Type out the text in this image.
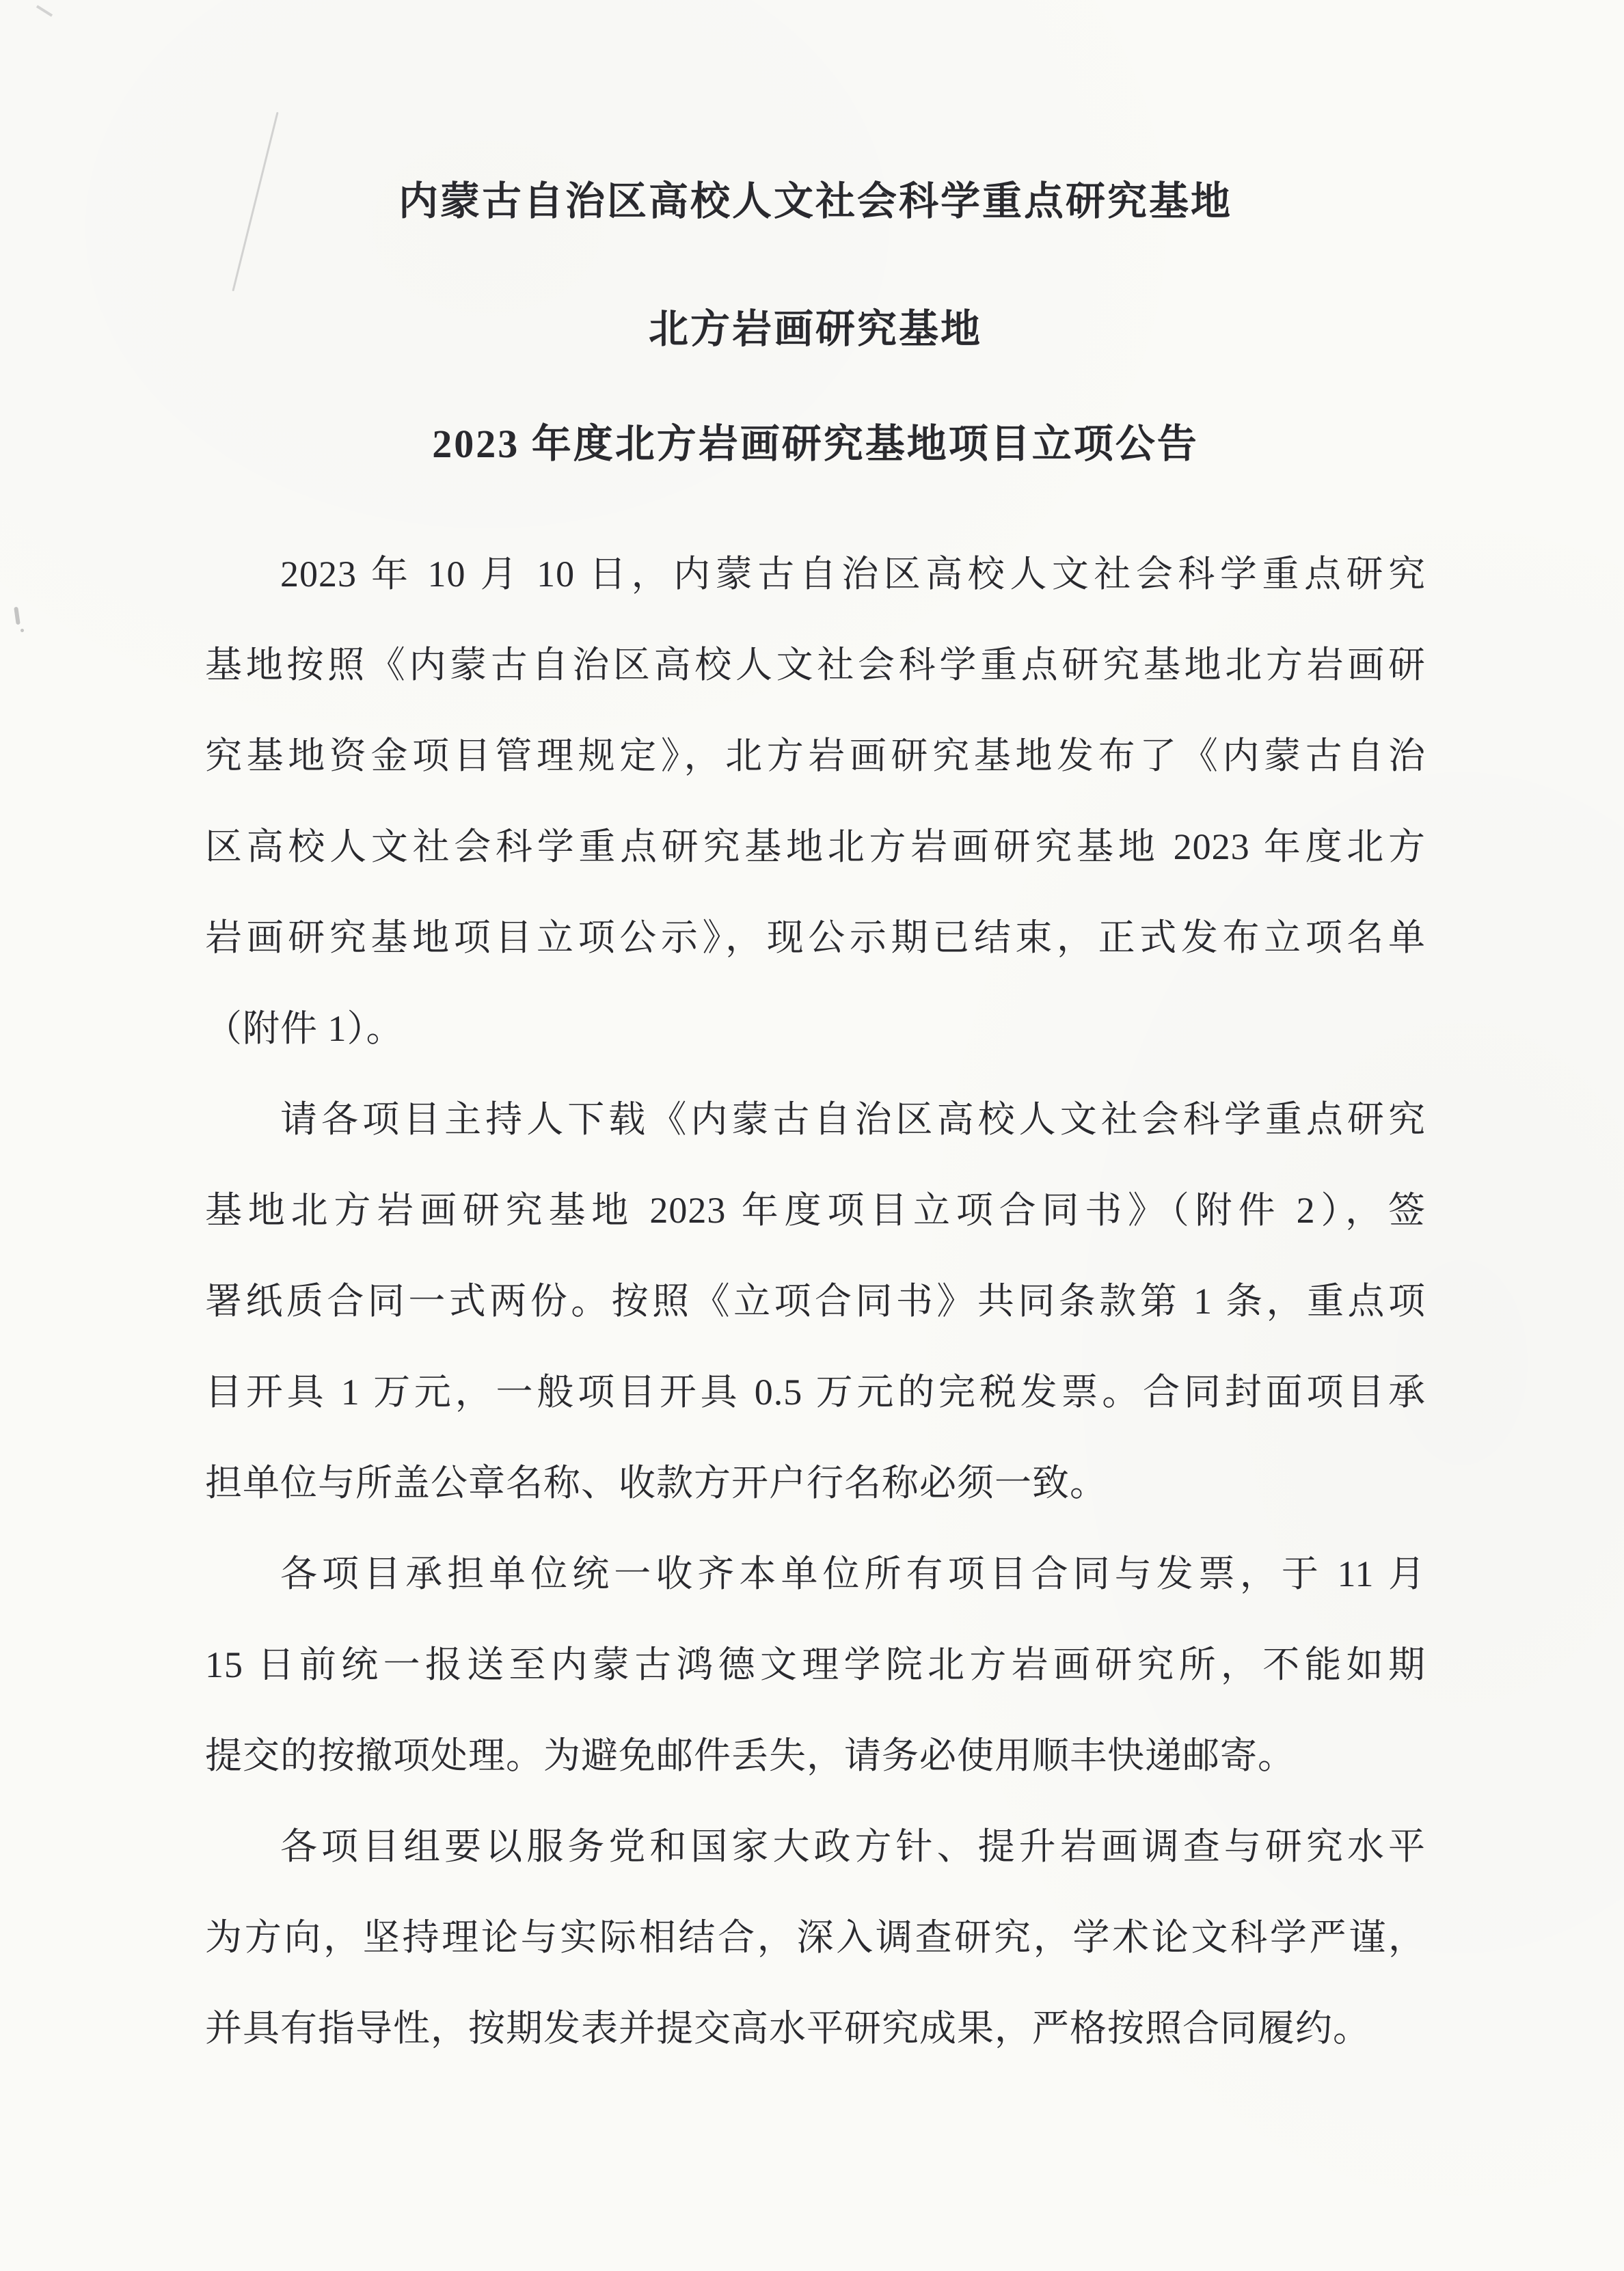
内蒙古自治区高校人文社会科学重点研究基地
北方岩画研究基地
2023 年度北方岩画研究基地项目立项公告
2023 年 10 月 10 日，内蒙古自治区高校人文社会科学重点研究
基地按照《内蒙古自治区高校人文社会科学重点研究基地北方岩画研
究基地资金项目管理规定》，北方岩画研究基地发布了《内蒙古自治
区高校人文社会科学重点研究基地北方岩画研究基地 2023 年度北方
岩画研究基地项目立项公示》，现公示期已结束，正式发布立项名单
（附件 1）。
请各项目主持人下载《内蒙古自治区高校人文社会科学重点研究
基地北方岩画研究基地 2023 年度项目立项合同书》（附件 2），签
署纸质合同一式两份。按照《立项合同书》共同条款第 1 条，重点项
目开具 1 万元，一般项目开具 0.5 万元的完税发票。合同封面项目承
担单位与所盖公章名称、收款方开户行名称必须一致。
各项目承担单位统一收齐本单位所有项目合同与发票，于 11 月
15 日前统一报送至内蒙古鸿德文理学院北方岩画研究所，不能如期
提交的按撤项处理。为避免邮件丢失，请务必使用顺丰快递邮寄。
各项目组要以服务党和国家大政方针、提升岩画调查与研究水平
为方向，坚持理论与实际相结合，深入调查研究，学术论文科学严谨，
并具有指导性，按期发表并提交高水平研究成果，严格按照合同履约。
